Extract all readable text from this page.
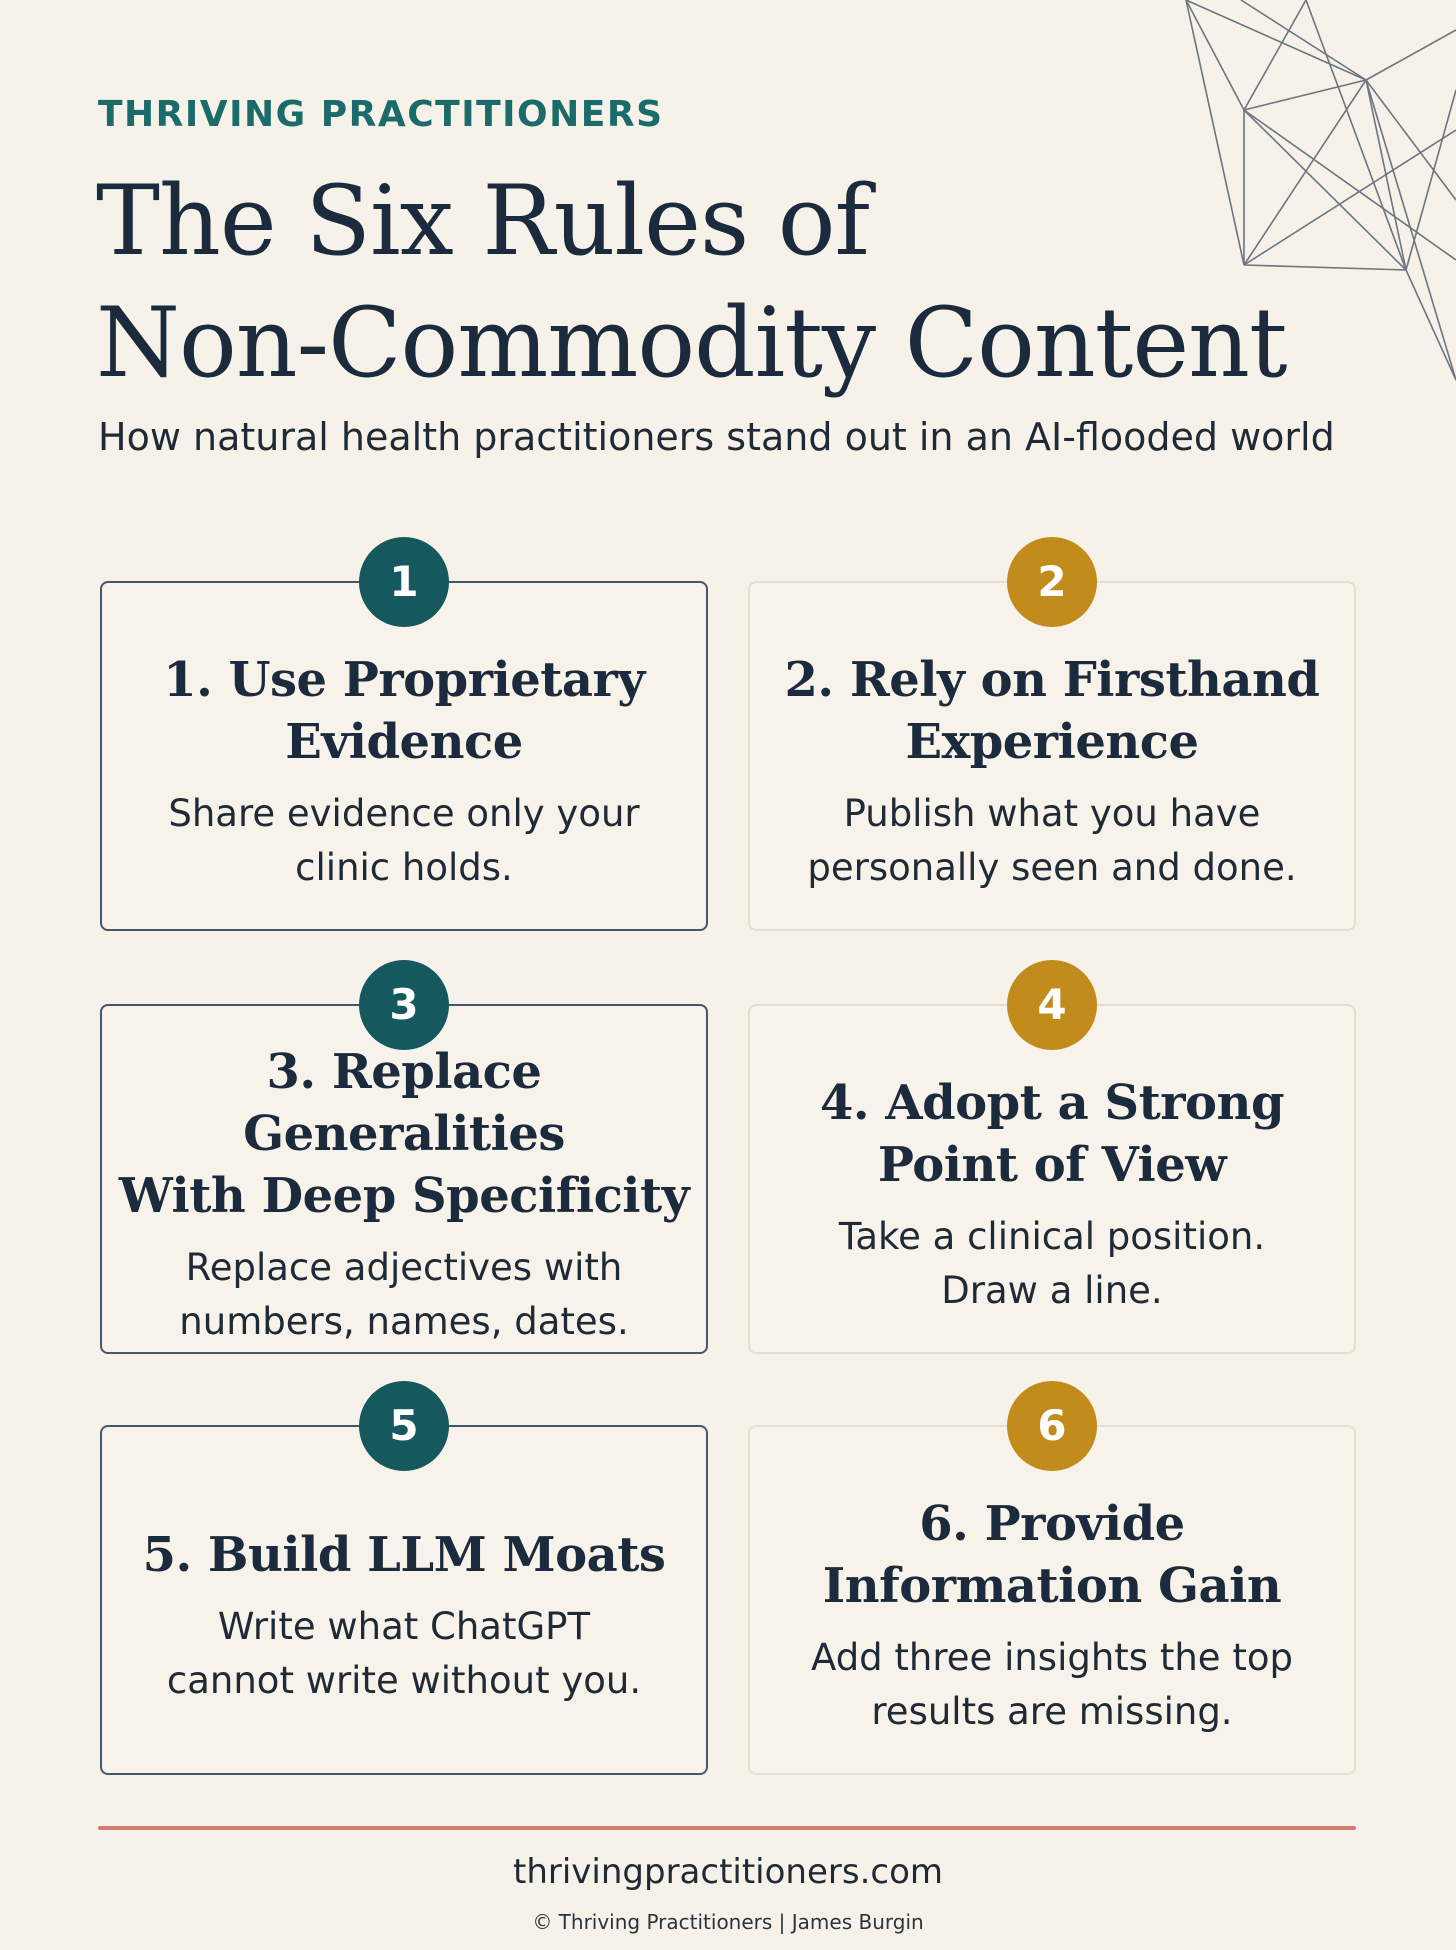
THRIVING PRACTITIONERS

The Six Rules of
Non-Commodity Content

How natural health practitioners stand out in an AI-flooded world

1
1. Use Proprietary
Evidence

Share evidence only your
clinic holds.

2
2. Rely on Firsthand
Experience

Publish what you have
personally seen and done.

3
3. Replace Generalities
With Deep Specificity

Replace adjectives with
numbers, names, dates.

4
4. Adopt a Strong
Point of View

Take a clinical position.
Draw a line.

5
5. Build LLM Moats

Write what ChatGPT
cannot write without you.

6
6. Provide
Information Gain

Add three insights the top
results are missing.

thrivingpractitioners.com

© Thriving Practitioners | James Burgin
